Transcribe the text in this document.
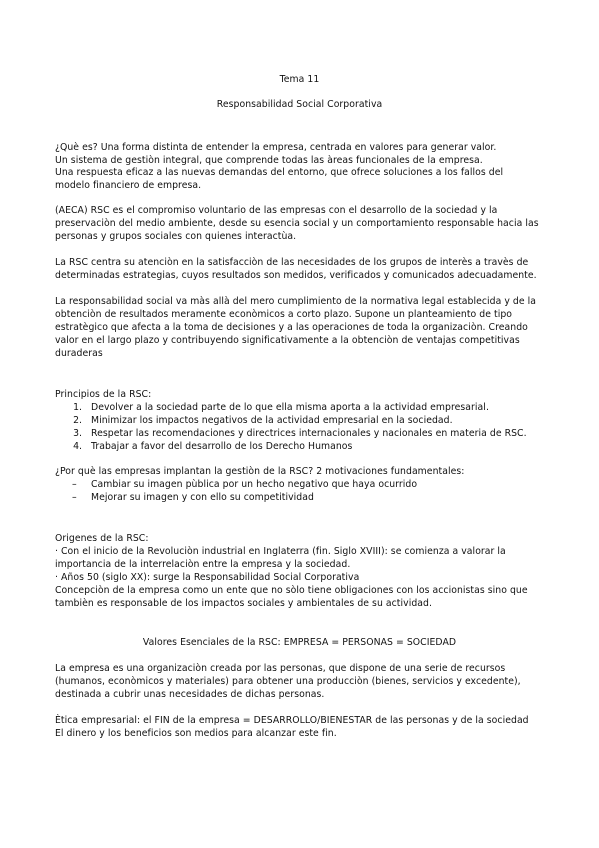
Tema 11
Responsabilidad Social Corporativa
¿Què es? Una forma distinta de entender la empresa, centrada en valores para generar valor.
Un sistema de gestiòn integral, que comprende todas las àreas funcionales de la empresa.
Una respuesta eficaz a las nuevas demandas del entorno, que ofrece soluciones a los fallos del
modelo financiero de empresa.
(AECA) RSC es el compromiso voluntario de las empresas con el desarrollo de la sociedad y la
preservaciòn del medio ambiente, desde su esencia social y un comportamiento responsable hacia las
personas y grupos sociales con quienes interactùa.
La RSC centra su atenciòn en la satisfacciòn de las necesidades de los grupos de interès a travès de
determinadas estrategias, cuyos resultados son medidos, verificados y comunicados adecuadamente.
La responsabilidad social va màs allà del mero cumplimiento de la normativa legal establecida y de la
obtenciòn de resultados meramente econòmicos a corto plazo. Supone un planteamiento de tipo
estratègico que afecta a la toma de decisiones y a las operaciones de toda la organizaciòn. Creando
valor en el largo plazo y contribuyendo significativamente a la obtenciòn de ventajas competitivas
duraderas
Principios de la RSC:
1. Devolver a la sociedad parte de lo que ella misma aporta a la actividad empresarial.
2. Minimizar los impactos negativos de la actividad empresarial en la sociedad.
3. Respetar las recomendaciones y directrices internacionales y nacionales en materia de RSC.
4. Trabajar a favor del desarrollo de los Derecho Humanos
¿Por què las empresas implantan la gestiòn de la RSC? 2 motivaciones fundamentales:
– Cambiar su imagen pùblica por un hecho negativo que haya ocurrido
– Mejorar su imagen y con ello su competitividad
Origenes de la RSC:
· Con el inicio de la Revoluciòn industrial en Inglaterra (fin. Siglo XVIII): se comienza a valorar la
importancia de la interrelaciòn entre la empresa y la sociedad.
· Años 50 (siglo XX): surge la Responsabilidad Social Corporativa
Concepciòn de la empresa como un ente que no sòlo tiene obligaciones con los accionistas sino que
tambièn es responsable de los impactos sociales y ambientales de su actividad.
Valores Esenciales de la RSC: EMPRESA = PERSONAS = SOCIEDAD
La empresa es una organizaciòn creada por las personas, que dispone de una serie de recursos
(humanos, econòmicos y materiales) para obtener una producciòn (bienes, servicios y excedente),
destinada a cubrir unas necesidades de dichas personas.
Ètica empresarial: el FIN de la empresa = DESARROLLO/BIENESTAR de las personas y de la sociedad
El dinero y los beneficios son medios para alcanzar este fin.
